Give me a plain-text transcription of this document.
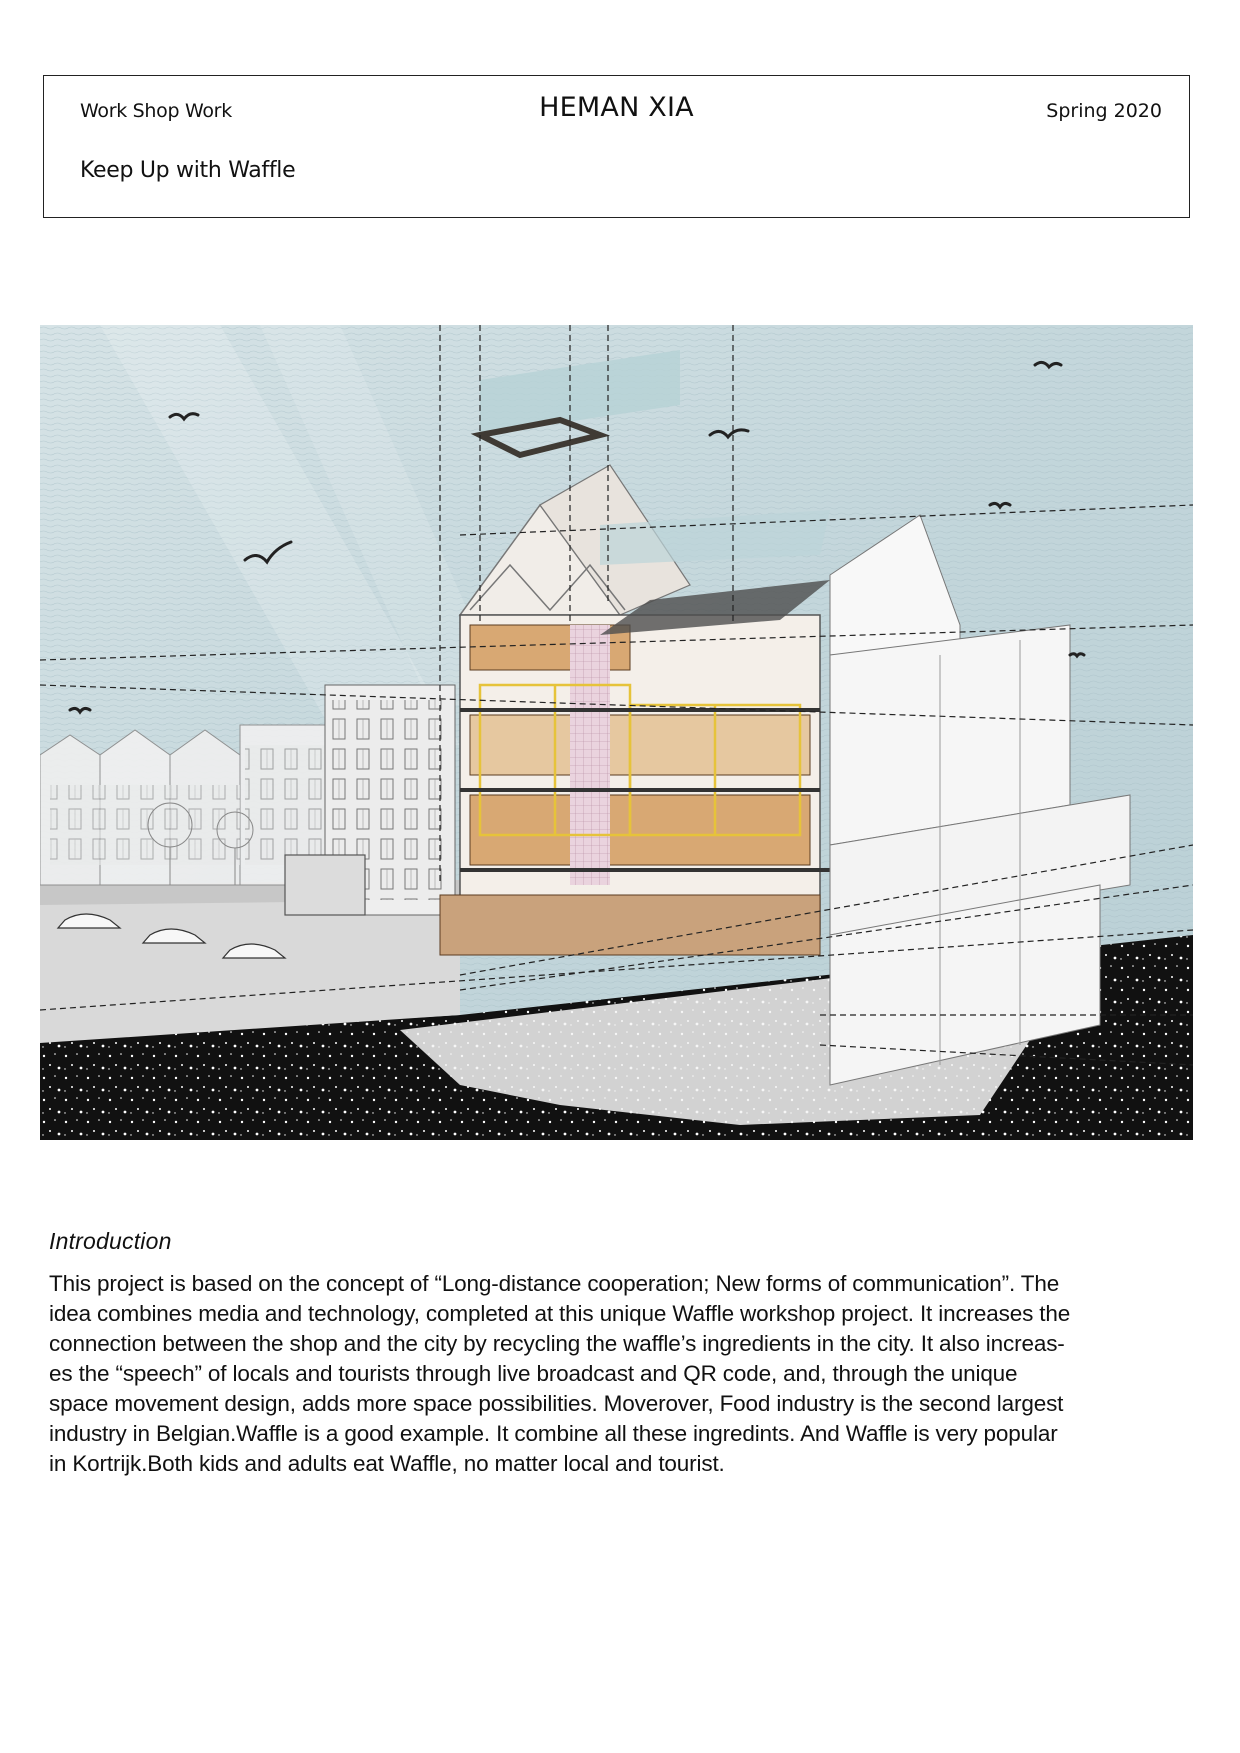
Work Shop Work	HEMAN XIA	Spring 2020
Keep Up with Waffle

Introduction

This project is based on the concept of “Long-distance cooperation; New forms of communication”. The
idea combines media and technology, completed at this unique Waffle workshop project. It increases the
connection between the shop and the city by recycling the waffle’s ingredients in the city. It also increas-
es the “speech” of locals and tourists through live broadcast and QR code, and, through the unique
space movement design, adds more space possibilities. Moverover, Food industry is the second largest
industry in Belgian.Waffle is a good example. It combine all these ingredints. And Waffle is very popular
in Kortrijk.Both kids and adults eat Waffle, no matter local and tourist.
